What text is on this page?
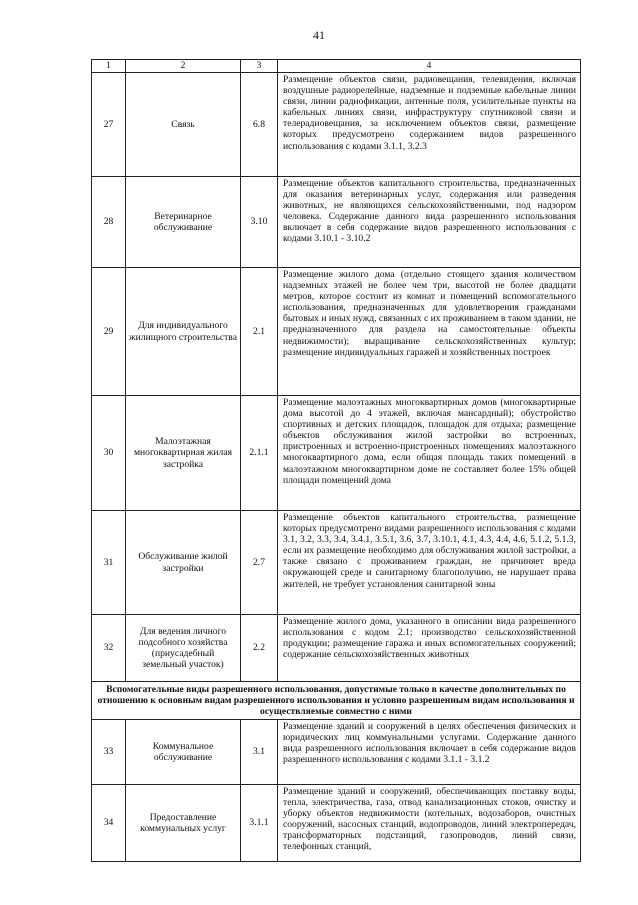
41
1	2	3	4
27	Связь	6.8	Размещение объектов связи, радиовещания, телевидения, включая воздушные радиорелейные, надземные и подземные кабельные линии связи, линии радиофикации, антенные поля, усилительные пункты на кабельных линиях связи, инфраструктуру спутниковой связи и телерадиовещания, за исключением объектов связи, размещение которых предусмотрено содержанием видов разрешенного использования с кодами 3.1.1, 3.2.3
28	Ветеринарное обслуживание	3.10	Размещение объектов капитального строительства, предназначенных для оказания ветеринарных услуг, содержания или разведения животных, не являющихся сельскохозяйственными, под надзором человека. Содержание данного вида разрешенного использования включает в себя содержание видов разрешенного использования с кодами 3.10.1 - 3.10.2
29	Для индивидуального жилищного строительства	2.1	Размещение жилого дома (отдельно стоящего здания количеством надземных этажей не более чем три, высотой не более двадцати метров, которое состоит из комнат и помещений вспомогательного использования, предназначенных для удовлетворения гражданами бытовых и иных нужд, связанных с их проживанием в таком здании, не предназначенного для раздела на самостоятельные объекты недвижимости); выращивание сельскохозяйственных культур; размещение индивидуальных гаражей и хозяйственных построек
30	Малоэтажная многоквартирная жилая застройка	2.1.1	Размещение малоэтажных многоквартирных домов (многоквартирные дома высотой до 4 этажей, включая мансардный); обустройство спортивных и детских площадок, площадок для отдыха; размещение объектов обслуживания жилой застройки во встроенных, пристроенных и встроенно-пристроенных помещениях малоэтажного многоквартирного дома, если общая площадь таких помещений в малоэтажном многоквартирном доме не составляет более 15% общей площади помещений дома
31	Обслуживание жилой застройки	2.7	Размещение объектов капитального строительства, размещение которых предусмотрено видами разрешенного использования с кодами 3.1, 3.2, 3.3, 3.4, 3.4.1, 3.5.1, 3.6, 3.7, 3.10.1, 4.1, 4.3, 4.4, 4.6, 5.1.2, 5.1.3, если их размещение необходимо для обслуживания жилой застройки, а также связано с проживанием граждан, не причиняет вреда окружающей среде и санитарному благополучию, не нарушает права жителей, не требует установления санитарной зоны
32	Для ведения личного подсобного хозяйства (приусадебный земельный участок)	2.2	Размещение жилого дома, указанного в описании вида разрешенного использования с кодом 2.1; производство сельскохозяйственной продукции; размещение гаража и иных вспомогательных сооружений; содержание сельскохозяйственных животных
Вспомогательные виды разрешенного использования, допустимые только в качестве дополнительных по отношению к основным видам разрешенного использования и условно разрешенным видам использования и осуществляемые совместно с ними			
33	Коммунальное обслуживание	3.1	Размещение зданий и сооружений в целях обеспечения физических и юридических лиц коммунальными услугами. Содержание данного вида разрешенного использования включает в себя содержание видов разрешенного использования с кодами 3.1.1 - 3.1.2
34	Предоставление коммунальных услуг	3.1.1	Размещение зданий и сооружений, обеспечивающих поставку воды, тепла, электричества, газа, отвод канализационных стоков, очистку и уборку объектов недвижимости (котельных, водозаборов, очистных сооружений, насосных станций, водопроводов, линий электропередач, трансформаторных подстанций, газопроводов, линий связи, телефонных станций,
